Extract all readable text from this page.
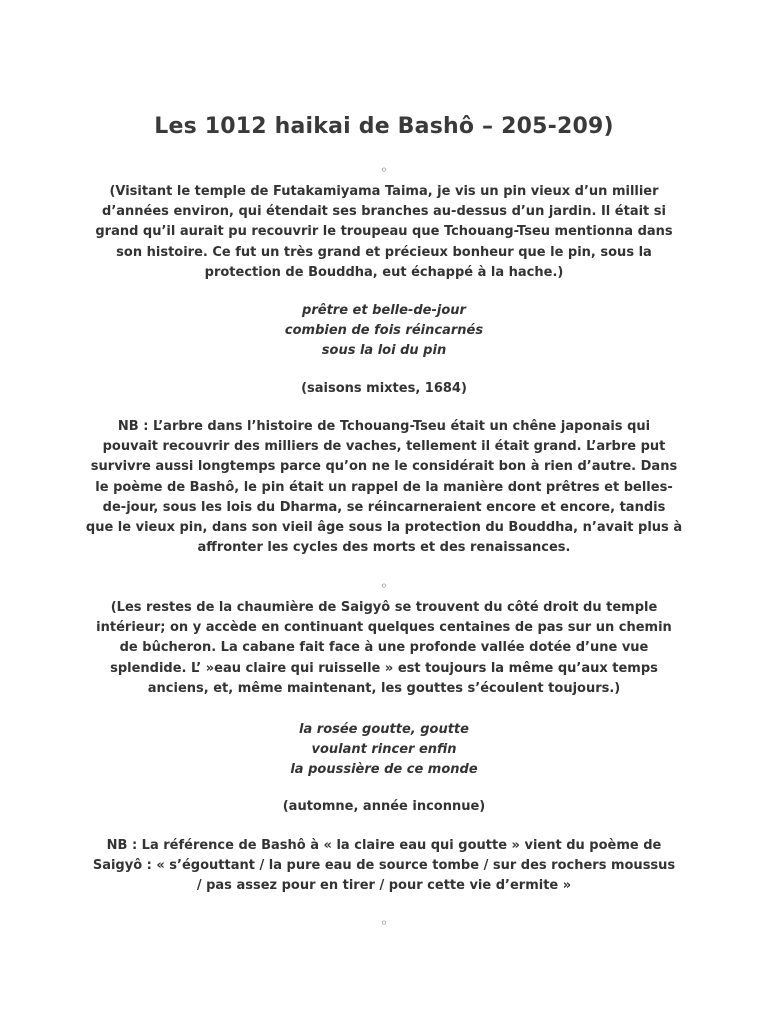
Les 1012 haikai de Bashô – 205-209)
◦
(Visitant le temple de Futakamiyama Taima, je vis un pin vieux d’un millier
d’années environ, qui étendait ses branches au-dessus d’un jardin. Il était si
grand qu’il aurait pu recouvrir le troupeau que Tchouang-Tseu mentionna dans
son histoire. Ce fut un très grand et précieux bonheur que le pin, sous la
protection de Bouddha, eut échappé à la hache.)
prêtre et belle-de-jour
combien de fois réincarnés
sous la loi du pin
(saisons mixtes, 1684)
NB : L’arbre dans l’histoire de Tchouang-Tseu était un chêne japonais qui
pouvait recouvrir des milliers de vaches, tellement il était grand. L’arbre put
survivre aussi longtemps parce qu’on ne le considérait bon à rien d’autre. Dans
le poème de Bashô, le pin était un rappel de la manière dont prêtres et belles-
de-jour, sous les lois du Dharma, se réincarneraient encore et encore, tandis
que le vieux pin, dans son vieil âge sous la protection du Bouddha, n’avait plus à
affronter les cycles des morts et des renaissances.
◦
(Les restes de la chaumière de Saigyô se trouvent du côté droit du temple
intérieur; on y accède en continuant quelques centaines de pas sur un chemin
de bûcheron. La cabane fait face à une profonde vallée dotée d’une vue
splendide. L’ »eau claire qui ruisselle » est toujours la même qu’aux temps
anciens, et, même maintenant, les gouttes s’écoulent toujours.)
la rosée goutte, goutte
voulant rincer enfin
la poussière de ce monde
(automne, année inconnue)
NB : La référence de Bashô à « la claire eau qui goutte » vient du poème de
Saigyô : « s’égouttant / la pure eau de source tombe / sur des rochers moussus
/ pas assez pour en tirer / pour cette vie d’ermite »
◦
